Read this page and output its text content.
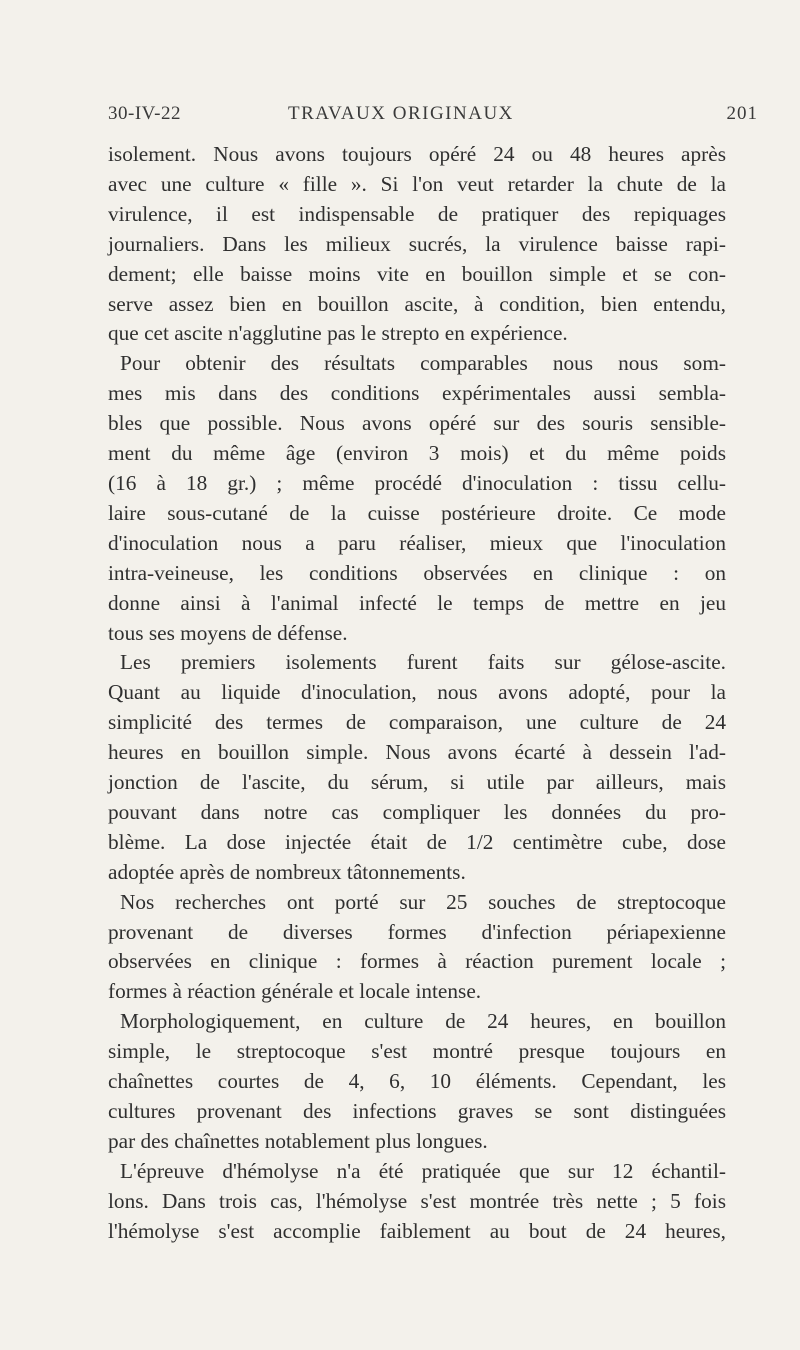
30-IV-22	TRAVAUX ORIGINAUX	201

isolement. Nous avons toujours opéré 24 ou 48 heures après
avec une culture « fille ». Si l'on veut retarder la chute de la
virulence, il est indispensable de pratiquer des repiquages
journaliers. Dans les milieux sucrés, la virulence baisse rapi-
dement; elle baisse moins vite en bouillon simple et se con-
serve assez bien en bouillon ascite, à condition, bien entendu,
que cet ascite n'agglutine pas le strepto en expérience.

Pour obtenir des résultats comparables nous nous som-
mes mis dans des conditions expérimentales aussi sembla-
bles que possible. Nous avons opéré sur des souris sensible-
ment du même âge (environ 3 mois) et du même poids
(16 à 18 gr.) ; même procédé d'inoculation : tissu cellu-
laire sous-cutané de la cuisse postérieure droite. Ce mode
d'inoculation nous a paru réaliser, mieux que l'inoculation
intra-veineuse, les conditions observées en clinique : on
donne ainsi à l'animal infecté le temps de mettre en jeu
tous ses moyens de défense.

Les premiers isolements furent faits sur gélose-ascite.
Quant au liquide d'inoculation, nous avons adopté, pour la
simplicité des termes de comparaison, une culture de 24
heures en bouillon simple. Nous avons écarté à dessein l'ad-
jonction de l'ascite, du sérum, si utile par ailleurs, mais
pouvant dans notre cas compliquer les données du pro-
blème. La dose injectée était de 1/2 centimètre cube, dose
adoptée après de nombreux tâtonnements.

Nos recherches ont porté sur 25 souches de streptocoque
provenant de diverses formes d'infection périapexienne
observées en clinique : formes à réaction purement locale ;
formes à réaction générale et locale intense.

Morphologiquement, en culture de 24 heures, en bouillon
simple, le streptocoque s'est montré presque toujours en
chaînettes courtes de 4, 6, 10 éléments. Cependant, les
cultures provenant des infections graves se sont distinguées
par des chaînettes notablement plus longues.

L'épreuve d'hémolyse n'a été pratiquée que sur 12 échantil-
lons. Dans trois cas, l'hémolyse s'est montrée très nette ; 5 fois
l'hémolyse s'est accomplie faiblement au bout de 24 heures,
